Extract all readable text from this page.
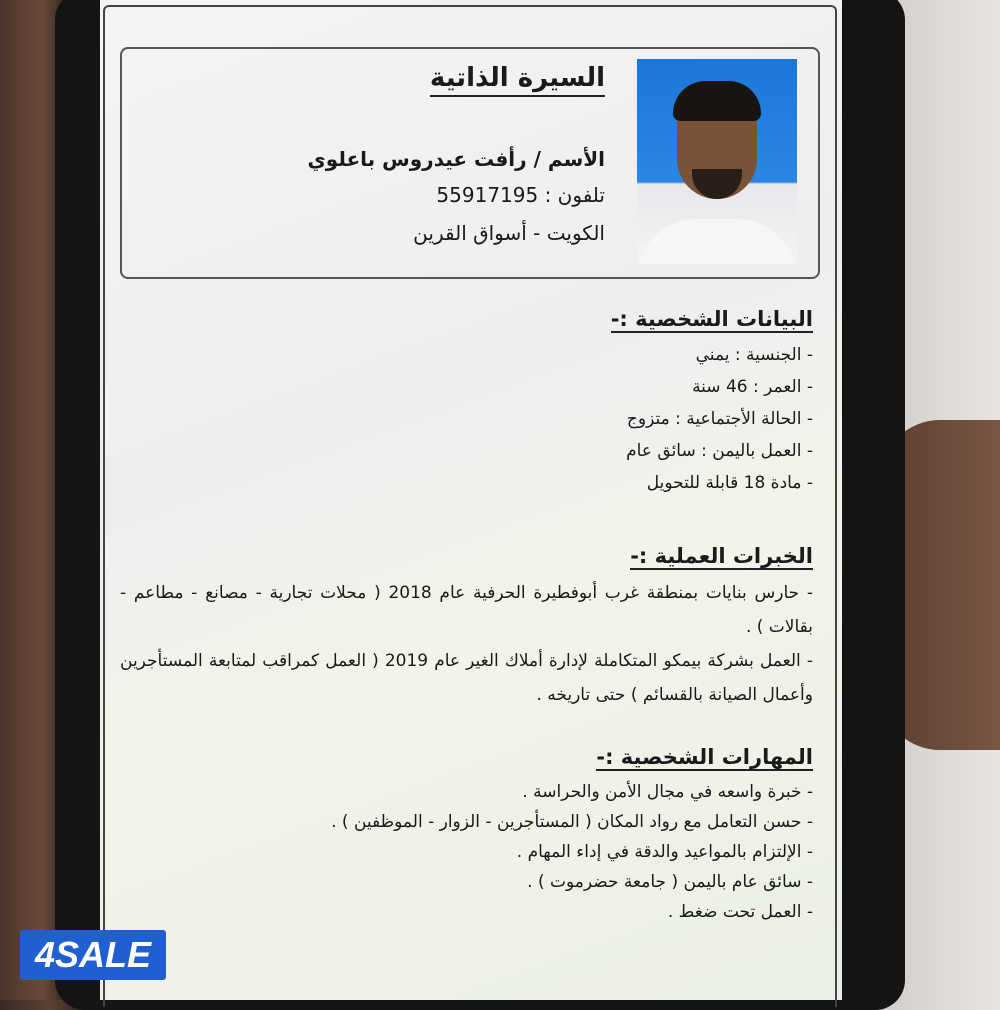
السيرة الذاتية
الأسم / رأفت عيدروس باعلوي
تلفون : 55917195
الكويت - أسواق القرين
البيانات الشخصية :-
- الجنسية : يمني
- العمر : 46 سنة
- الحالة الأجتماعية : متزوج
- العمل باليمن : سائق عام
- مادة 18 قابلة للتحويل
الخبرات العملية :-
- حارس بنايات بمنطقة غرب أبوفطيرة الحرفية عام 2018 ( محلات تجارية - مصانع - مطاعم - بقالات ) .
- العمل بشركة بيمكو المتكاملة لإدارة أملاك الغير عام 2019 ( العمل كمراقب لمتابعة المستأجرين وأعمال الصيانة بالقسائم ) حتى تاريخه .
المهارات الشخصية :-
- خبرة واسعه في مجال الأمن والحراسة .
- حسن التعامل مع رواد المكان ( المستأجرين - الزوار - الموظفين ) .
- الإلتزام بالمواعيد والدقة في إداء المهام .
- سائق عام باليمن ( جامعة حضرموت ) .
- العمل تحت ضغط .
4SALE
